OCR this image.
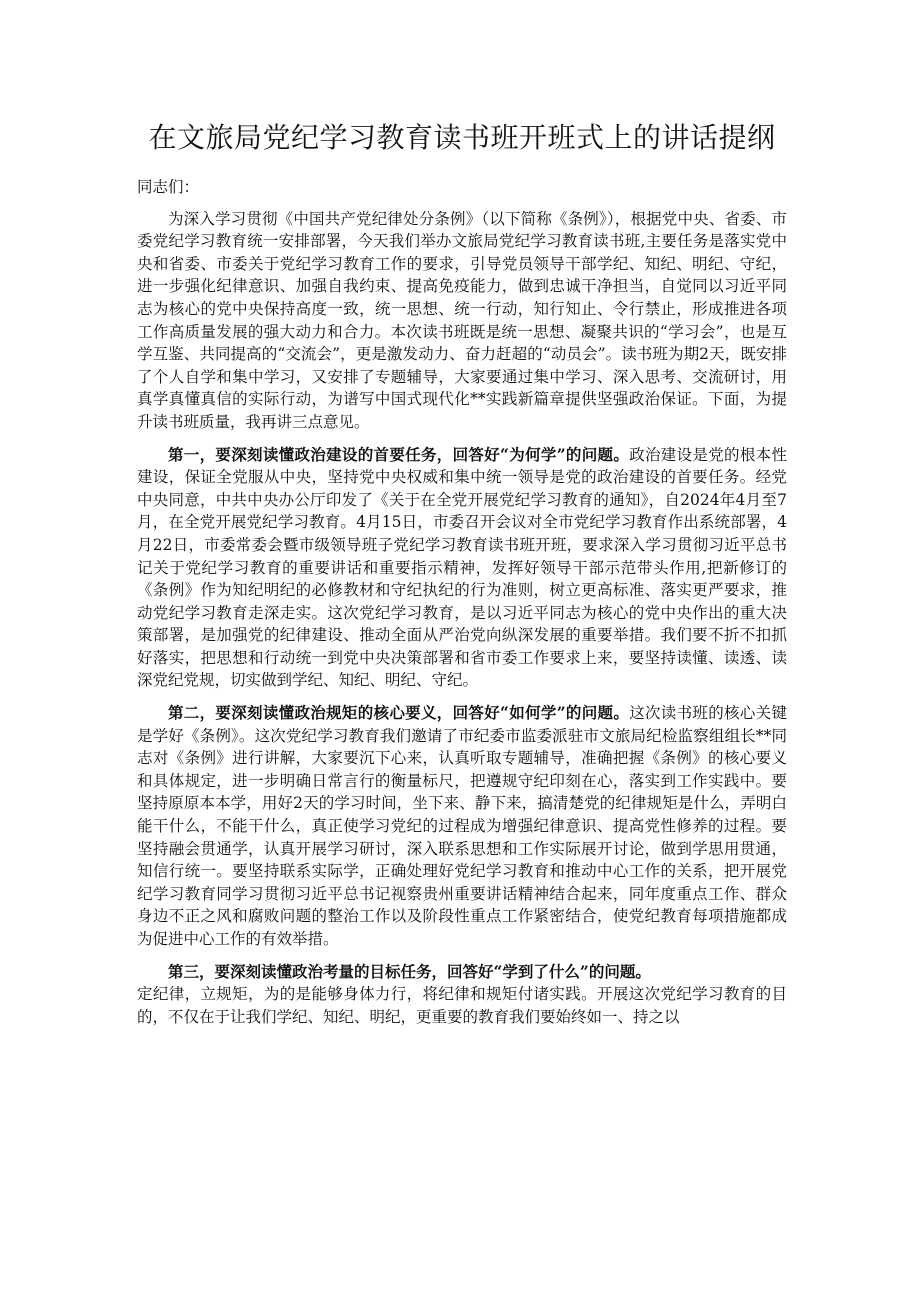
在文旅局党纪学习教育读书班开班式上的讲话提纲

同志们：

为深入学习贯彻《中国共产党纪律处分条例》（以下简称《条例》），根据党中央、省委、市委党纪学习教育统一安排部署，今天我们举办文旅局党纪学习教育读书班,主要任务是落实党中央和省委、市委关于党纪学习教育工作的要求，引导党员领导干部学纪、知纪、明纪、守纪，进一步强化纪律意识、加强自我约束、提高免疫能力，做到忠诚干净担当，自觉同以习近平同志为核心的党中央保持高度一致，统一思想、统一行动，知行知止、令行禁止，形成推进各项工作高质量发展的强大动力和合力。本次读书班既是统一思想、凝聚共识的“学习会”，也是互学互鉴、共同提高的“交流会”，更是激发动力、奋力赶超的“动员会”。读书班为期2天，既安排了个人自学和集中学习，又安排了专题辅导，大家要通过集中学习、深入思考、交流研讨，用真学真懂真信的实际行动，为谱写中国式现代化**实践新篇章提供坚强政治保证。下面，为提升读书班质量，我再讲三点意见。

第一，要深刻读懂政治建设的首要任务，回答好“为何学”的问题。政治建设是党的根本性建设，保证全党服从中央，坚持党中央权威和集中统一领导是党的政治建设的首要任务。经党中央同意，中共中央办公厅印发了《关于在全党开展党纪学习教育的通知》，自2024年4月至7月，在全党开展党纪学习教育。4月15日，市委召开会议对全市党纪学习教育作出系统部署，4月22日，市委常委会暨市级领导班子党纪学习教育读书班开班，要求深入学习贯彻习近平总书记关于党纪学习教育的重要讲话和重要指示精神，发挥好领导干部示范带头作用,把新修订的《条例》作为知纪明纪的必修教材和守纪执纪的行为准则，树立更高标准、落实更严要求，推动党纪学习教育走深走实。这次党纪学习教育，是以习近平同志为核心的党中央作出的重大决策部署，是加强党的纪律建设、推动全面从严治党向纵深发展的重要举措。我们要不折不扣抓好落实，把思想和行动统一到党中央决策部署和省市委工作要求上来，要坚持读懂、读透、读深党纪党规，切实做到学纪、知纪、明纪、守纪。

第二，要深刻读懂政治规矩的核心要义，回答好“如何学”的问题。这次读书班的核心关键是学好《条例》。这次党纪学习教育我们邀请了市纪委市监委派驻市文旅局纪检监察组组长**同志对《条例》进行讲解，大家要沉下心来，认真听取专题辅导，准确把握《条例》的核心要义和具体规定，进一步明确日常言行的衡量标尺，把遵规守纪印刻在心，落实到工作实践中。要坚持原原本本学，用好2天的学习时间，坐下来、静下来，搞清楚党的纪律规矩是什么，弄明白能干什么，不能干什么，真正使学习党纪的过程成为增强纪律意识、提高党性修养的过程。要坚持融会贯通学，认真开展学习研讨，深入联系思想和工作实际展开讨论，做到学思用贯通，知信行统一。要坚持联系实际学，正确处理好党纪学习教育和推动中心工作的关系，把开展党纪学习教育同学习贯彻习近平总书记视察贵州重要讲话精神结合起来，同年度重点工作、群众身边不正之风和腐败问题的整治工作以及阶段性重点工作紧密结合，使党纪教育每项措施都成为促进中心工作的有效举措。

第三，要深刻读懂政治考量的目标任务，回答好“学到了什么”的问题。

定纪律，立规矩，为的是能够身体力行，将纪律和规矩付诸实践。开展这次党纪学习教育的目的，不仅在于让我们学纪、知纪、明纪，更重要的教育我们要始终如一、持之以
